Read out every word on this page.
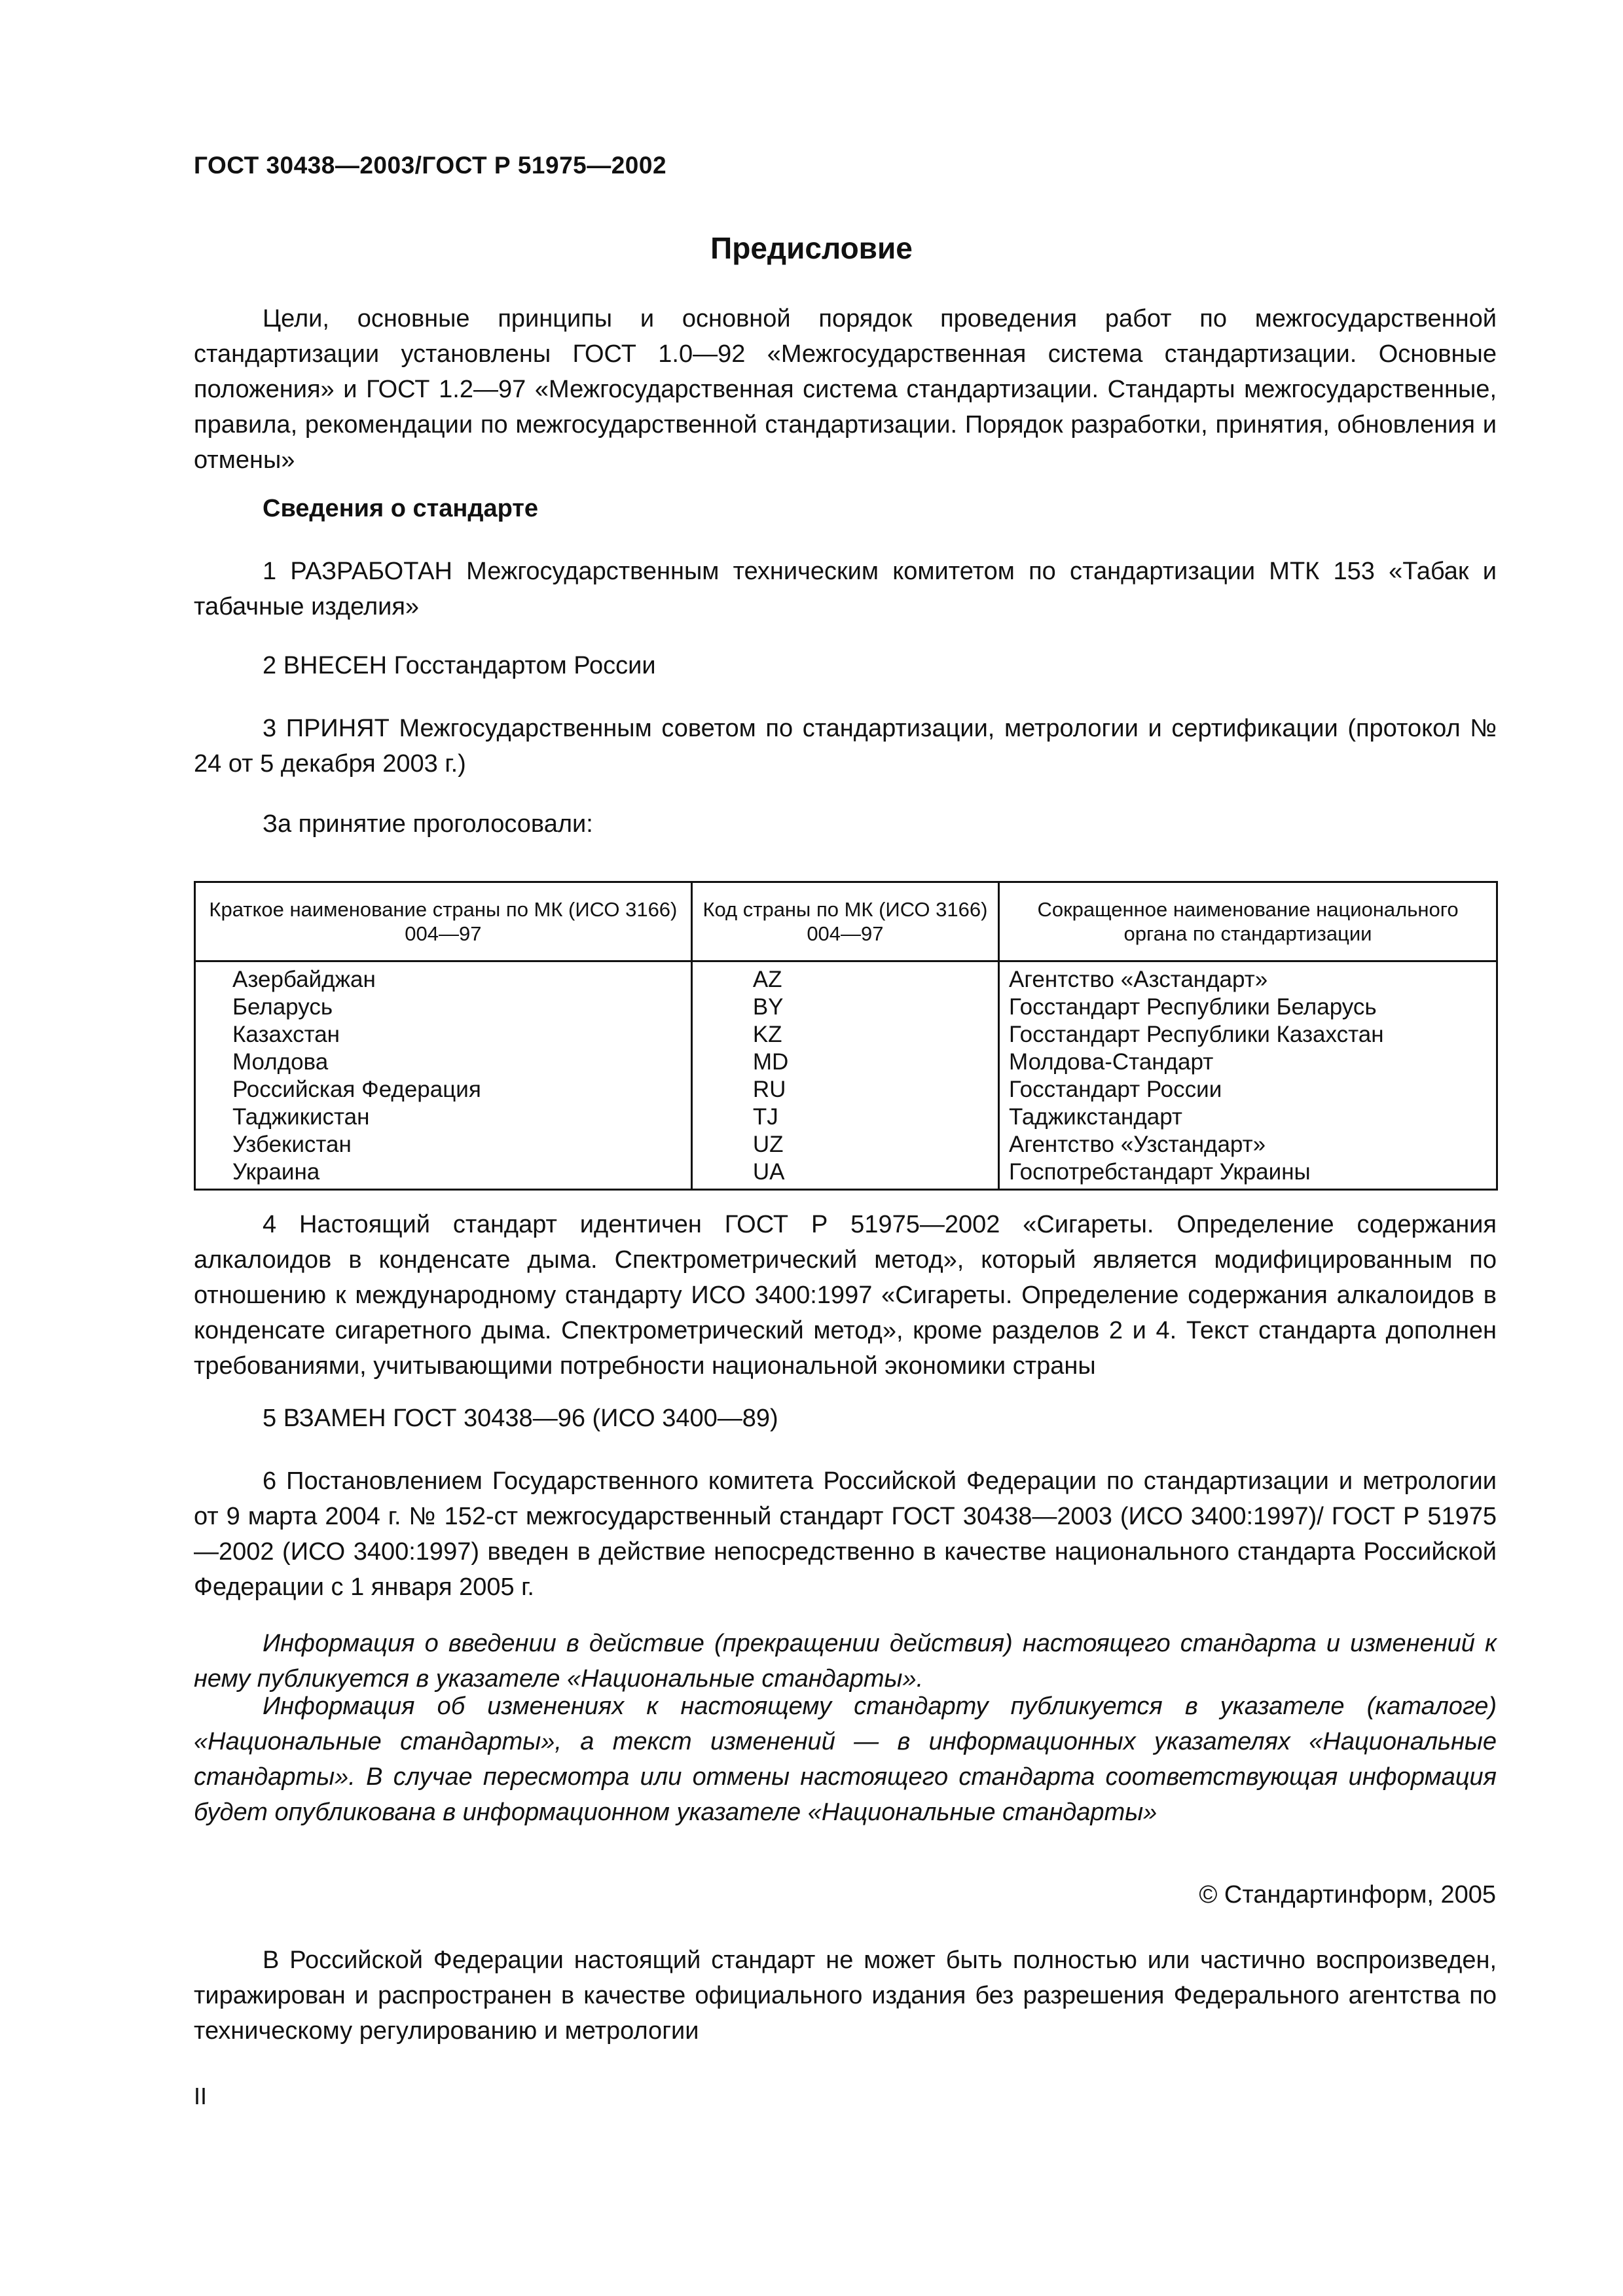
ГОСТ 30438—2003/ГОСТ Р 51975—2002
Предисловие
Цели, основные принципы и основной порядок проведения работ по межгосударственной стандартизации установлены ГОСТ 1.0—92 «Межгосударственная система стандартизации. Основные положения» и ГОСТ 1.2—97 «Межгосударственная система стандартизации. Стандарты межгосударственные, правила, рекомендации по межгосударственной стандартизации. Порядок разработки, принятия, обновления и отмены»
Сведения о стандарте
1 РАЗРАБОТАН Межгосударственным техническим комитетом по стандартизации МТК 153 «Табак и табачные изделия»
2 ВНЕСЕН Госстандартом России
3 ПРИНЯТ Межгосударственным советом по стандартизации, метрологии и сертификации (протокол № 24 от 5 декабря 2003 г.)
За принятие проголосовали:
Краткое наименование страны по МК (ИСО 3166) 004—97	Код страны по МК (ИСО 3166) 004—97	Сокращенное наименование национального органа по стандартизации
Азербайджан	AZ	Агентство «Азстандарт»
Беларусь	BY	Госстандарт Республики Беларусь
Казахстан	KZ	Госстандарт Республики Казахстан
Молдова	MD	Молдова-Стандарт
Российская Федерация	RU	Госстандарт России
Таджикистан	TJ	Таджикстандарт
Узбекистан	UZ	Агентство «Узстандарт»
Украина	UA	Госпотребстандарт Украины
4 Настоящий стандарт идентичен ГОСТ Р 51975—2002 «Сигареты. Определение содержания алкалоидов в конденсате дыма. Спектрометрический метод», который является модифицированным по отношению к международному стандарту ИСО 3400:1997 «Сигареты. Определение содержания алкалоидов в конденсате сигаретного дыма. Спектрометрический метод», кроме разделов 2 и 4. Текст стандарта дополнен требованиями, учитывающими потребности национальной экономики страны
5 ВЗАМЕН ГОСТ 30438—96 (ИСО 3400—89)
6 Постановлением Государственного комитета Российской Федерации по стандартизации и метрологии от 9 марта 2004 г. № 152-ст межгосударственный стандарт ГОСТ 30438—2003 (ИСО 3400:1997)/ ГОСТ Р 51975—2002 (ИСО 3400:1997) введен в действие непосредственно в качестве национального стандарта Российской Федерации с 1 января 2005 г.
Информация о введении в действие (прекращении действия) настоящего стандарта и изменений к нему публикуется в указателе «Национальные стандарты».
Информация об изменениях к настоящему стандарту публикуется в указателе (каталоге) «Национальные стандарты», а текст изменений — в информационных указателях «Национальные стандарты». В случае пересмотра или отмены настоящего стандарта соответствующая информация будет опубликована в информационном указателе «Национальные стандарты»
© Стандартинформ, 2005
В Российской Федерации настоящий стандарт не может быть полностью или частично воспроизведен, тиражирован и распространен в качестве официального издания без разрешения Федерального агентства по техническому регулированию и метрологии
II
